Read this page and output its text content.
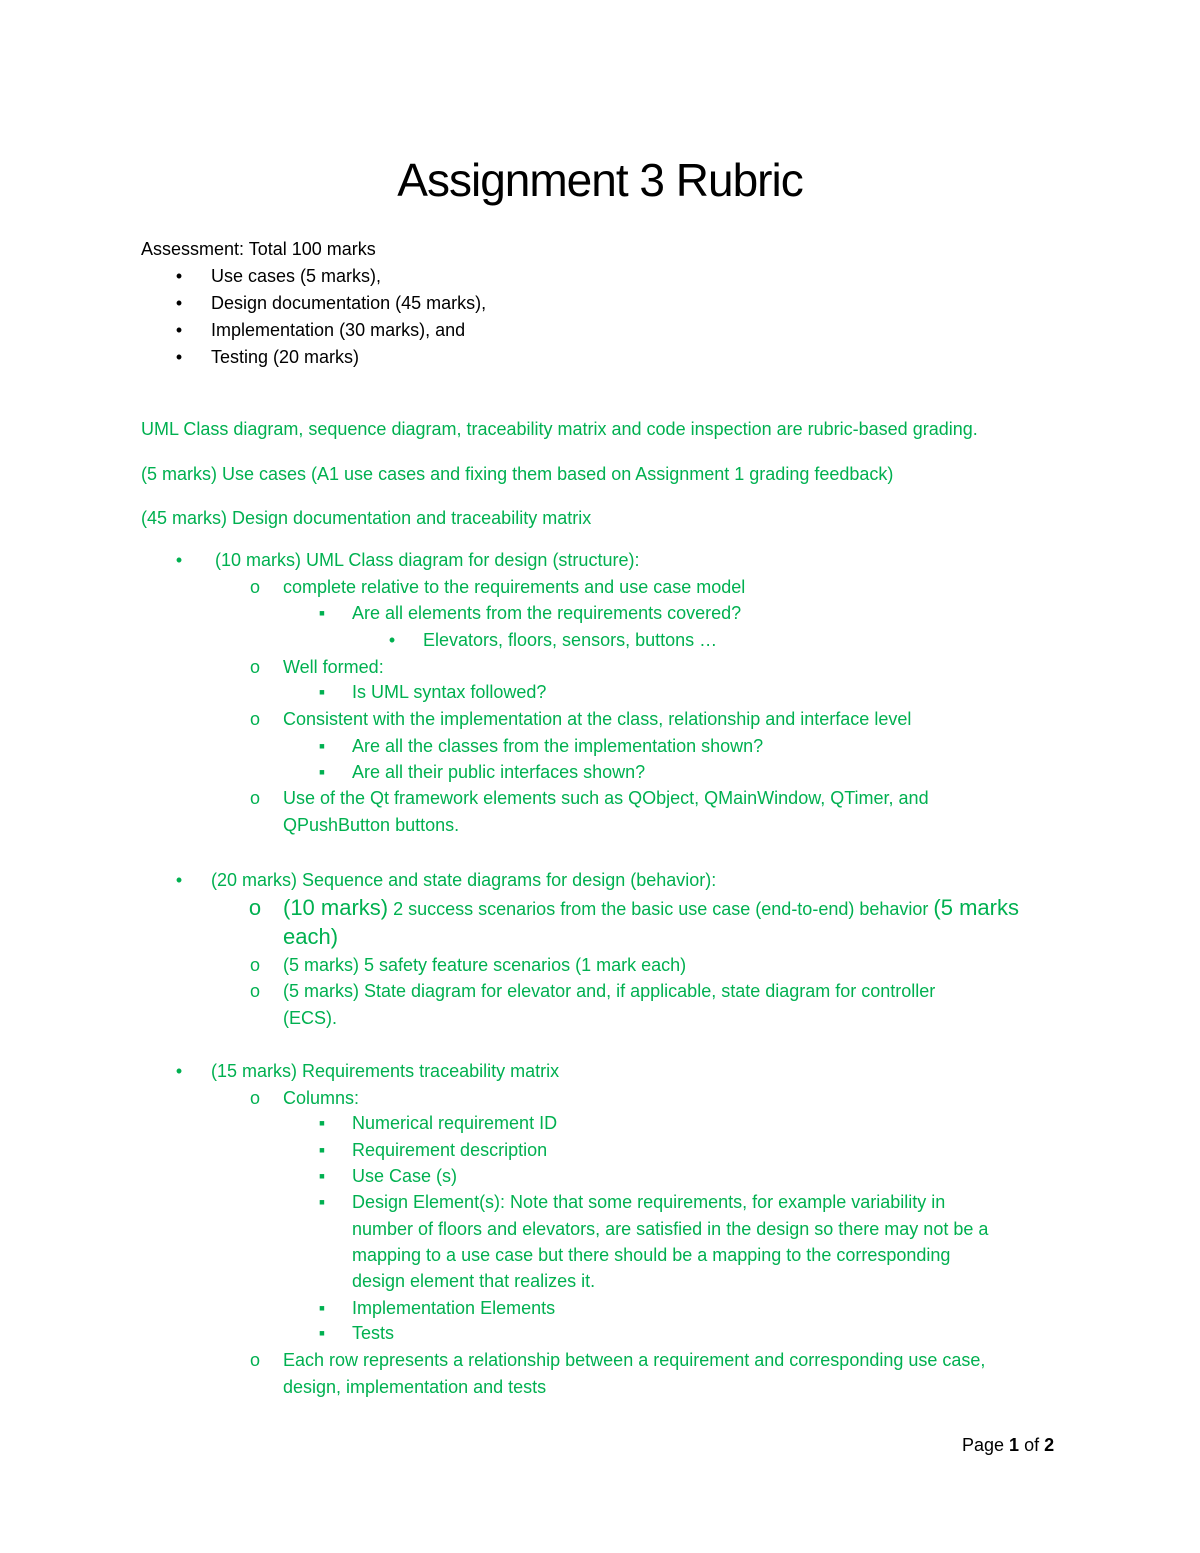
Assignment 3 Rubric
Assessment: Total 100 marks
•	Use cases (5 marks),
•	Design documentation (45 marks),
•	Implementation (30 marks), and
•	Testing (20 marks)
UML Class diagram, sequence diagram, traceability matrix and code inspection are rubric-based grading.
(5 marks) Use cases (A1 use cases and fixing them based on Assignment 1 grading feedback)
(45 marks) Design documentation and traceability matrix
•	(10 marks) UML Class diagram for design (structure):
o complete relative to the requirements and use case model
▪	Are all elements from the requirements covered?
•	Elevators, floors, sensors, buttons …
o Well formed:
▪	Is UML syntax followed?
o Consistent with the implementation at the class, relationship and interface level
▪	Are all the classes from the implementation shown?
▪	Are all their public interfaces shown?
o Use of the Qt framework elements such as QObject, QMainWindow, QTimer, and
QPushButton buttons.
•	(20 marks) Sequence and state diagrams for design (behavior):
o (10 marks) 2 success scenarios from the basic use case (end-to-end) behavior (5 marks
each)
o (5 marks) 5 safety feature scenarios (1 mark each)
o (5 marks) State diagram for elevator and, if applicable, state diagram for controller
(ECS).
•	(15 marks) Requirements traceability matrix
o Columns:
▪	Numerical requirement ID
▪	Requirement description
▪	Use Case (s)
▪	Design Element(s): Note that some requirements, for example variability in
number of floors and elevators, are satisfied in the design so there may not be a
mapping to a use case but there should be a mapping to the corresponding
design element that realizes it.
▪	Implementation Elements
▪	Tests
o Each row represents a relationship between a requirement and corresponding use case,
design, implementation and tests
Page 1 of 2
